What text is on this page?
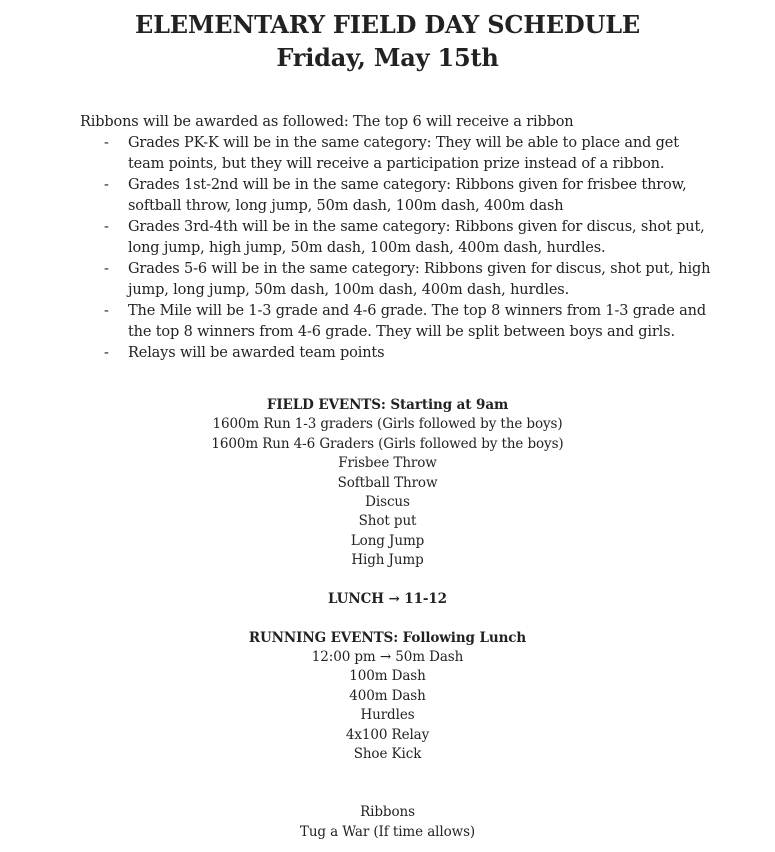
ELEMENTARY FIELD DAY SCHEDULE
Friday, May 15th
Ribbons will be awarded as followed: The top 6 will receive a ribbon
- Grades PK-K will be in the same category: They will be able to place and get team points, but they will receive a participation prize instead of a ribbon.
- Grades 1st-2nd will be in the same category: Ribbons given for frisbee throw, softball throw, long jump, 50m dash, 100m dash, 400m dash
- Grades 3rd-4th will be in the same category: Ribbons given for discus, shot put, long jump, high jump, 50m dash, 100m dash, 400m dash, hurdles.
- Grades 5-6 will be in the same category: Ribbons given for discus, shot put, high jump, long jump, 50m dash, 100m dash, 400m dash, hurdles.
- The Mile will be 1-3 grade and 4-6 grade. The top 8 winners from 1-3 grade and the top 8 winners from 4-6 grade. They will be split between boys and girls.
- Relays will be awarded team points
FIELD EVENTS: Starting at 9am
1600m Run 1-3 graders (Girls followed by the boys)
1600m Run 4-6 Graders (Girls followed by the boys)
Frisbee Throw
Softball Throw
Discus
Shot put
Long Jump
High Jump
LUNCH → 11-12
RUNNING EVENTS: Following Lunch
12:00 pm → 50m Dash
100m Dash
400m Dash
Hurdles
4x100 Relay
Shoe Kick
Ribbons
Tug a War (If time allows)
